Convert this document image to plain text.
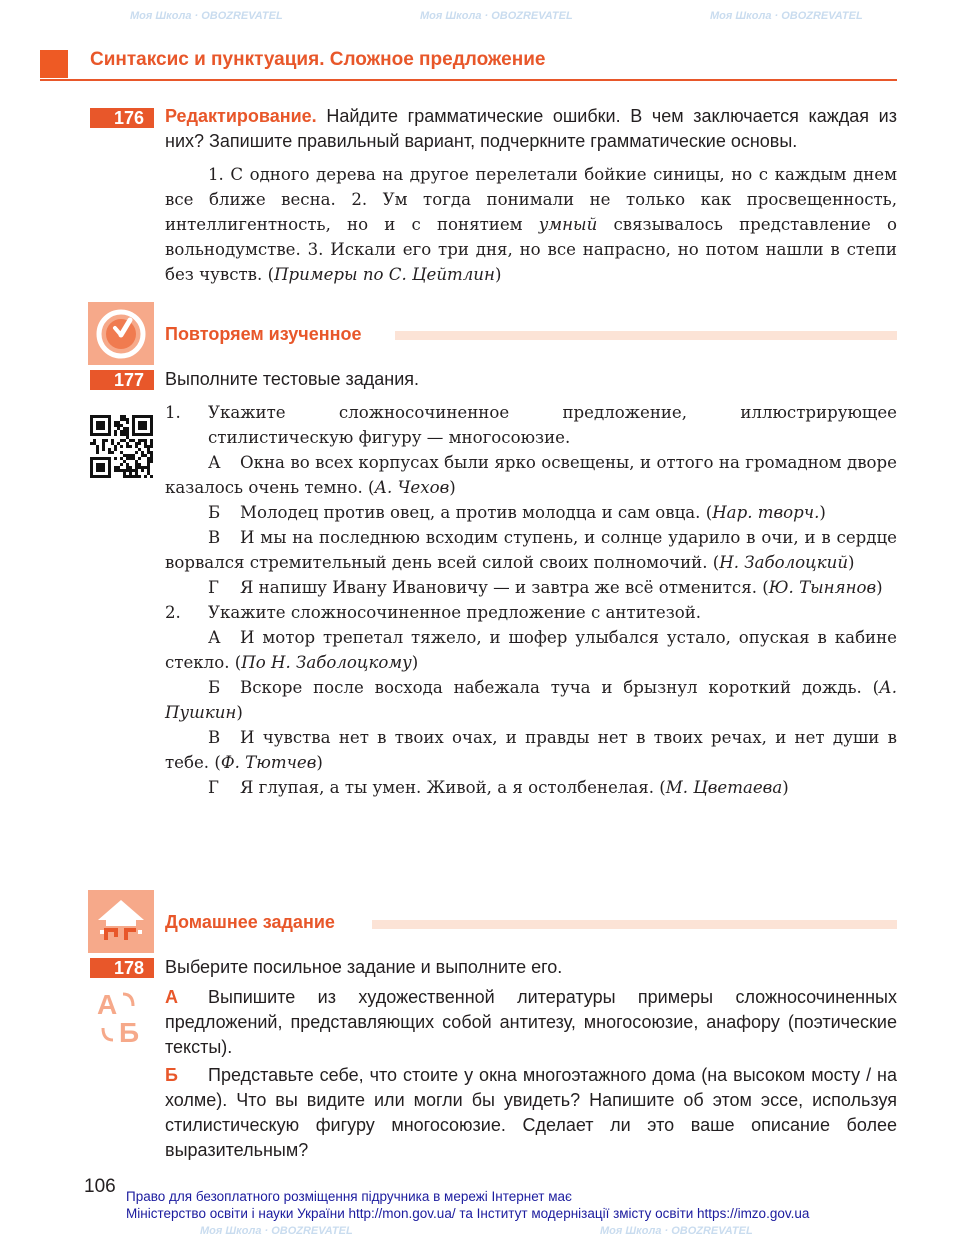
Моя Школа · OBOZREVATEL	Моя Школа · OBOZREVATEL	Моя Школа · OBOZREVATEL
Моя Школа · OBOZREVATEL	Моя Школа · OBOZREVATEL
Синтаксис и пунктуация. Сложное предложение
176	Редактирование. Найдите грамматические ошибки. В чем заключается каждая из них? Запишите правильный вариант, подчеркните грамматические основы.
1. С одного дерева на другое перелетали бойкие синицы, но с каждым днем все ближе весна. 2. Ум тогда понимали не только как просвещенность, интеллигентность, но и с понятием умный связывалось представление о вольнодумстве. 3. Искали его три дня, но все напрасно, но потом нашли в степи без чувств. (Примеры по С. Цейтлин)
Повторяем изученное
177	Выполните тестовые задания.
1. Укажите сложносочиненное предложение, иллюстрирующее стилистическую фигуру — многосоюзие.
А Окна во всех корпусах были ярко освещены, и оттого на громадном дворе казалось очень темно. (А. Чехов)
Б Молодец против овец, а против молодца и сам овца. (Нар. творч.)
В И мы на последнюю всходим ступень, и солнце ударило в очи, и в сердце ворвался стремительный день всей силой своих полномочий. (Н. Заболоцкий)
Г Я напишу Ивану Ивановичу — и завтра же всё отменится. (Ю. Тынянов)
2. Укажите сложносочиненное предложение с антитезой.
А И мотор трепетал тяжело, и шофер улыбался устало, опуская в кабине стекло. (По Н. Заболоцкому)
Б Вскоре после восхода набежала туча и брызнул короткий дождь. (А. Пушкин)
В И чувства нет в твоих очах, и правды нет в твоих речах, и нет души в тебе. (Ф. Тютчев)
Г Я глупая, а ты умен. Живой, а я остолбенелая. (М. Цветаева)
Домашнее задание
178	Выберите посильное задание и выполните его.
А
Б
А Выпишите из художественной литературы примеры сложносочиненных предложений, представляющих собой антитезу, многосоюзие, анафору (поэтические тексты).
Б Представьте себе, что стоите у окна многоэтажного дома (на высоком мосту / на холме). Что вы видите или могли бы увидеть? Напишите об этом эссе, используя стилистическую фигуру многосоюзие. Сделает ли это ваше описание более выразительным?
106 Право для безоплатного розміщення підручника в мережі Інтернет має
Міністерство освіти і науки України http://mon.gov.ua/ та Інститут модернізації змісту освіти https://imzo.gov.ua
